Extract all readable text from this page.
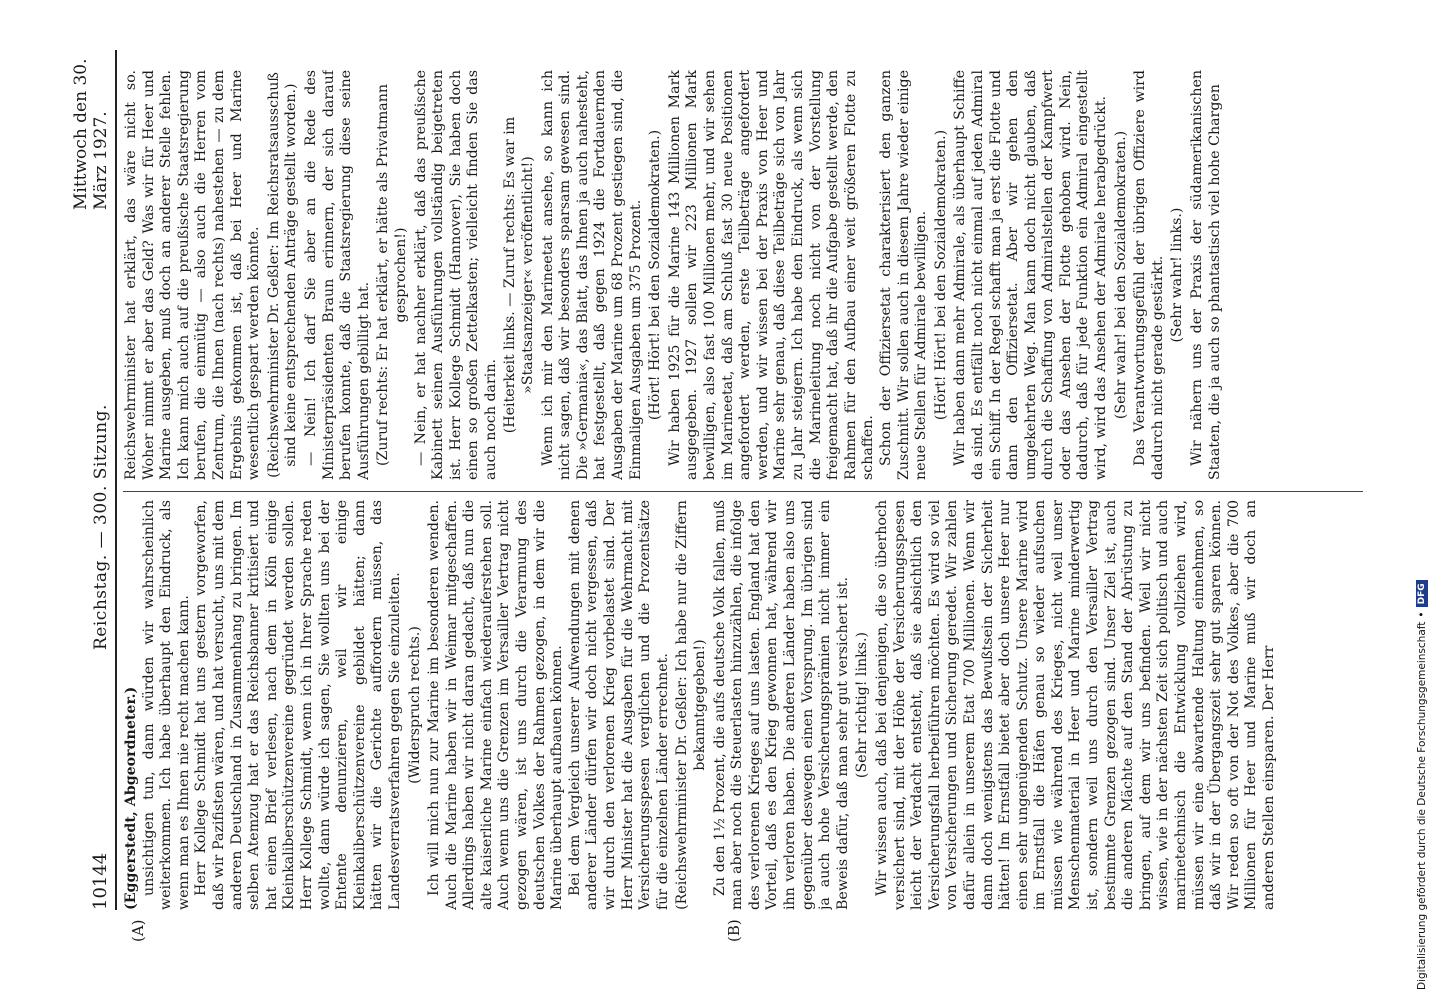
10144
Reichstag. — 300. Sitzung.
Mittwoch den 30. März 1927.
(A)	(B)

(Eggerstedt, Abgeordneter.) unsichtigen tun, dann würden wir wahrscheinlich weiterkommen. Ich habe überhaupt den Eindruck, als wenn man es Ihnen nie recht machen kann. Herr Kollege Schmidt hat uns gestern vorgeworfen, daß wir Pazifisten wären, und hat versucht, uns mit dem anderen Deutschland in Zusammenhang zu bringen. Im selben Atemzug hat er das Reichsbanner kritisiert und hat einen Brief verlesen, nach dem in Köln einige Kleinkaliberschützenvereine gegründet werden sollen. Herr Kollege Schmidt, wenn ich in Ihrer Sprache reden wollte, dann würde ich sagen, Sie wollten uns bei der Entente denunzieren, weil wir einige Kleinkaliberschützenvereine gebildet hätten; dann hätten wir die Gerichte auffordern müssen, das Landesverratsverfahren gegen Sie einzuleiten. (Widerspruch rechts.) Ich will mich nun zur Marine im besonderen wenden. Auch die Marine haben wir in Weimar mitgeschaffen. Allerdings haben wir nicht daran gedacht, daß nun die alte kaiserliche Marine einfach wiederauferstehen soll. Auch wenn uns die Grenzen im Versailler Vertrag nicht gezogen wären, ist uns durch die Verarmung des deutschen Volkes der Rahmen gezogen, in dem wir die Marine überhaupt aufbauen können. Bei dem Vergleich unserer Aufwendungen mit denen anderer Länder dürfen wir doch nicht vergessen, daß wir durch den verlorenen Krieg vorbelastet sind. Der Herr Minister hat die Ausgaben für die Wehrmacht mit Versicherungsspesen verglichen und die Prozentsätze für die einzelnen Länder errechnet. (Reichswehrminister Dr. Geßler: Ich habe nur die Ziffern bekanntgegeben!) Zu den 1½ Prozent, die aufs deutsche Volk fallen, muß man aber noch die Steuerlasten hinzuzählen, die infolge des verlorenen Krieges auf uns lasten. England hat den Vorteil, daß es den Krieg gewonnen hat, während wir ihn verloren haben. Die anderen Länder haben also uns gegenüber deswegen einen Vorsprung. Im übrigen sind ja auch hohe Versicherungsprämien nicht immer ein Beweis dafür, daß man sehr gut versichert ist. (Sehr richtig! links.) Wir wissen auch, daß bei denjenigen, die so überhoch versichert sind, mit der Höhe der Versicherungsspesen leicht der Verdacht entsteht, daß sie absichtlich den Versicherungsfall herbeiführen möchten. Es wird so viel von Versicherungen und Sicherung geredet. Wir zahlen dafür allein in unserem Etat 700 Millionen. Wenn wir dann doch wenigstens das Bewußtsein der Sicherheit hätten! Im Ernstfall bietet aber doch unsere Heer nur einen sehr ungenügenden Schutz. Unsere Marine wird im Ernstfall die Häfen genau so wieder aufsuchen müssen wie während des Krieges, nicht weil unser Menschenmaterial in Heer und Marine minderwertig ist, sondern weil uns durch den Versailler Vertrag bestimmte Grenzen gezogen sind. Unser Ziel ist, auch die anderen Mächte auf den Stand der Abrüstung zu bringen, auf dem wir uns befinden. Weil wir nicht wissen, wie in der nächsten Zeit sich politisch und auch marinetechnisch die Entwicklung vollziehen wird, müssen wir eine abwartende Haltung einnehmen, so daß wir in der Übergangszeit sehr gut sparen können. Wir reden so oft von der Not des Volkes, aber die 700 Millionen für Heer und Marine muß wir doch an anderen Stellen einsparen. Der Herr

Reichswehrminister hat erklärt, das wäre nicht so. Woher nimmt er aber das Geld? Was wir für Heer und Marine ausgeben, muß doch an anderer Stelle fehlen. Ich kann mich auch auf die preußische Staatsregierung berufen, die einmütig — also auch die Herren vom Zentrum, die Ihnen (nach rechts) nahestehen — zu dem Ergebnis gekommen ist, daß bei Heer und Marine wesentlich gespart werden könnte. (Reichswehrminister Dr. Geßler: Im Reichsratsausschuß sind keine entsprechenden Anträge gestellt worden.) — Nein! Ich darf Sie aber an die Rede des Ministerpräsidenten Braun erinnern, der sich darauf berufen konnte, daß die Staatsregierung diese seine Ausführungen gebilligt hat. (Zuruf rechts: Er hat erklärt, er hätte als Privatmann gesprochen!) — Nein, er hat nachher erklärt, daß das preußische Kabinett seinen Ausführungen vollständig beigetreten ist. Herr Kollege Schmidt (Hannover), Sie haben doch einen so großen Zettelkasten; vielleicht finden Sie das auch noch darin. (Heiterkeit links. — Zuruf rechts: Es war im »Staatsanzeiger« veröffentlicht!) Wenn ich mir den Marineetat ansehe, so kann ich nicht sagen, daß wir besonders sparsam gewesen sind. Die »Germania«, das Blatt, das Ihnen ja auch nahesteht, hat festgestellt, daß gegen 1924 die Fortdauernden Ausgaben der Marine um 68 Prozent gestiegen sind, die Einmaligen Ausgaben um 375 Prozent. (Hört! Hört! bei den Sozialdemokraten.) Wir haben 1925 für die Marine 143 Millionen Mark ausgegeben. 1927 sollen wir 223 Millionen Mark bewilligen, also fast 100 Millionen mehr, und wir sehen im Marineetat, daß am Schluß fast 30 neue Positionen angefordert werden, erste Teilbeträge angefordert werden, und wir wissen bei der Praxis von Heer und Marine sehr genau, daß diese Teilbeträge sich von Jahr zu Jahr steigern. Ich habe den Eindruck, als wenn sich die Marineleitung noch nicht von der Vorstellung freigemacht hat, daß ihr die Aufgabe gestellt werde, den Rahmen für den Aufbau einer weit größeren Flotte zu schaffen. Schon der Offiziersetat charakterisiert den ganzen Zuschnitt. Wir sollen auch in diesem Jahre wieder einige neue Stellen für Admirale bewilligen. (Hört! Hört! bei den Sozialdemokraten.) Wir haben dann mehr Admirale, als überhaupt Schiffe da sind. Es entfällt noch nicht einmal auf jeden Admiral ein Schiff. In der Regel schafft man ja erst die Flotte und dann den Offiziersetat. Aber wir gehen den umgekehrten Weg. Man kann doch nicht glauben, daß durch die Schaffung von Admiralstellen der Kampfwert oder das Ansehen der Flotte gehoben wird. Nein, dadurch, daß für jede Funktion ein Admiral eingestellt wird, wird das Ansehen der Admirale herabgedrückt. (Sehr wahr! bei den Sozialdemokraten.) Das Verantwortungsgefühl der übrigen Offiziere wird dadurch nicht gerade gestärkt. (Sehr wahr! links.) Wir nähern uns der Praxis der südamerikanischen Staaten, die ja auch so phantastisch viel hohe Chargen

Digitalisierung gefördert durch die Deutsche Forschungsgemeinschaft
•
DFG
